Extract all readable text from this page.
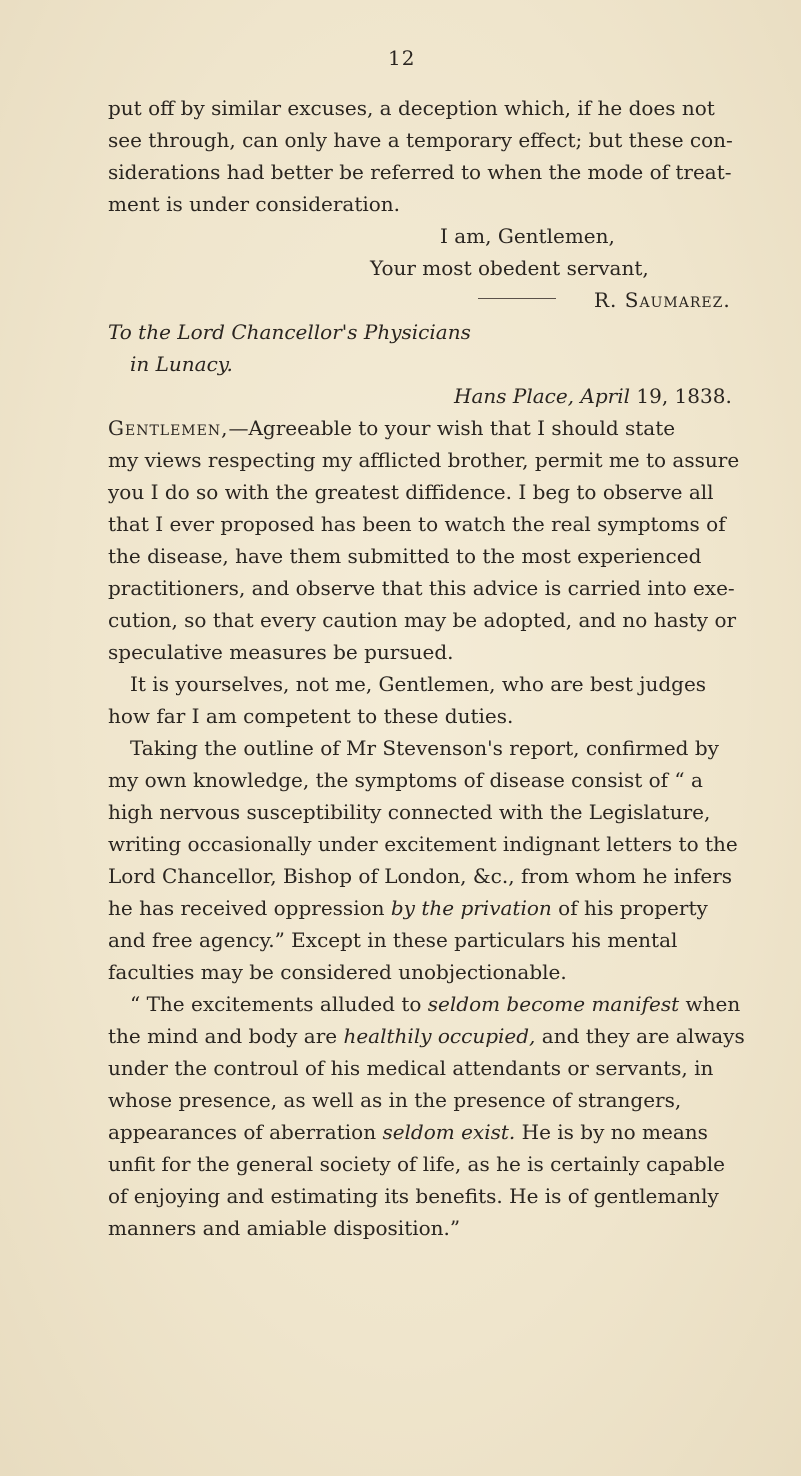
12
put off by similar excuses, a deception which, if he does not
see through, can only have a temporary effect; but these con-
siderations had better be referred to when the mode of treat-
ment is under consideration.
I am, Gentlemen,
Your most obedent servant,
R. Saumarez.
To the Lord Chancellor's Physicians
in Lunacy.
Hans Place, April 19, 1838.
Gentlemen,—Agreeable to your wish that I should state
my views respecting my afflicted brother, permit me to assure
you I do so with the greatest diffidence. I beg to observe all
that I ever proposed has been to watch the real symptoms of
the disease, have them submitted to the most experienced
practitioners, and observe that this advice is carried into exe-
cution, so that every caution may be adopted, and no hasty or
speculative measures be pursued.
It is yourselves, not me, Gentlemen, who are best judges
how far I am competent to these duties.
Taking the outline of Mr Stevenson's report, confirmed by
my own knowledge, the symptoms of disease consist of “ a
high nervous susceptibility connected with the Legislature,
writing occasionally under excitement indignant letters to the
Lord Chancellor, Bishop of London, &c., from whom he infers
he has received oppression by the privation of his property
and free agency.” Except in these particulars his mental
faculties may be considered unobjectionable.
“ The excitements alluded to seldom become manifest when
the mind and body are healthily occupied, and they are always
under the controul of his medical attendants or servants, in
whose presence, as well as in the presence of strangers,
appearances of aberration seldom exist. He is by no means
unfit for the general society of life, as he is certainly capable
of enjoying and estimating its benefits. He is of gentlemanly
manners and amiable disposition.”
